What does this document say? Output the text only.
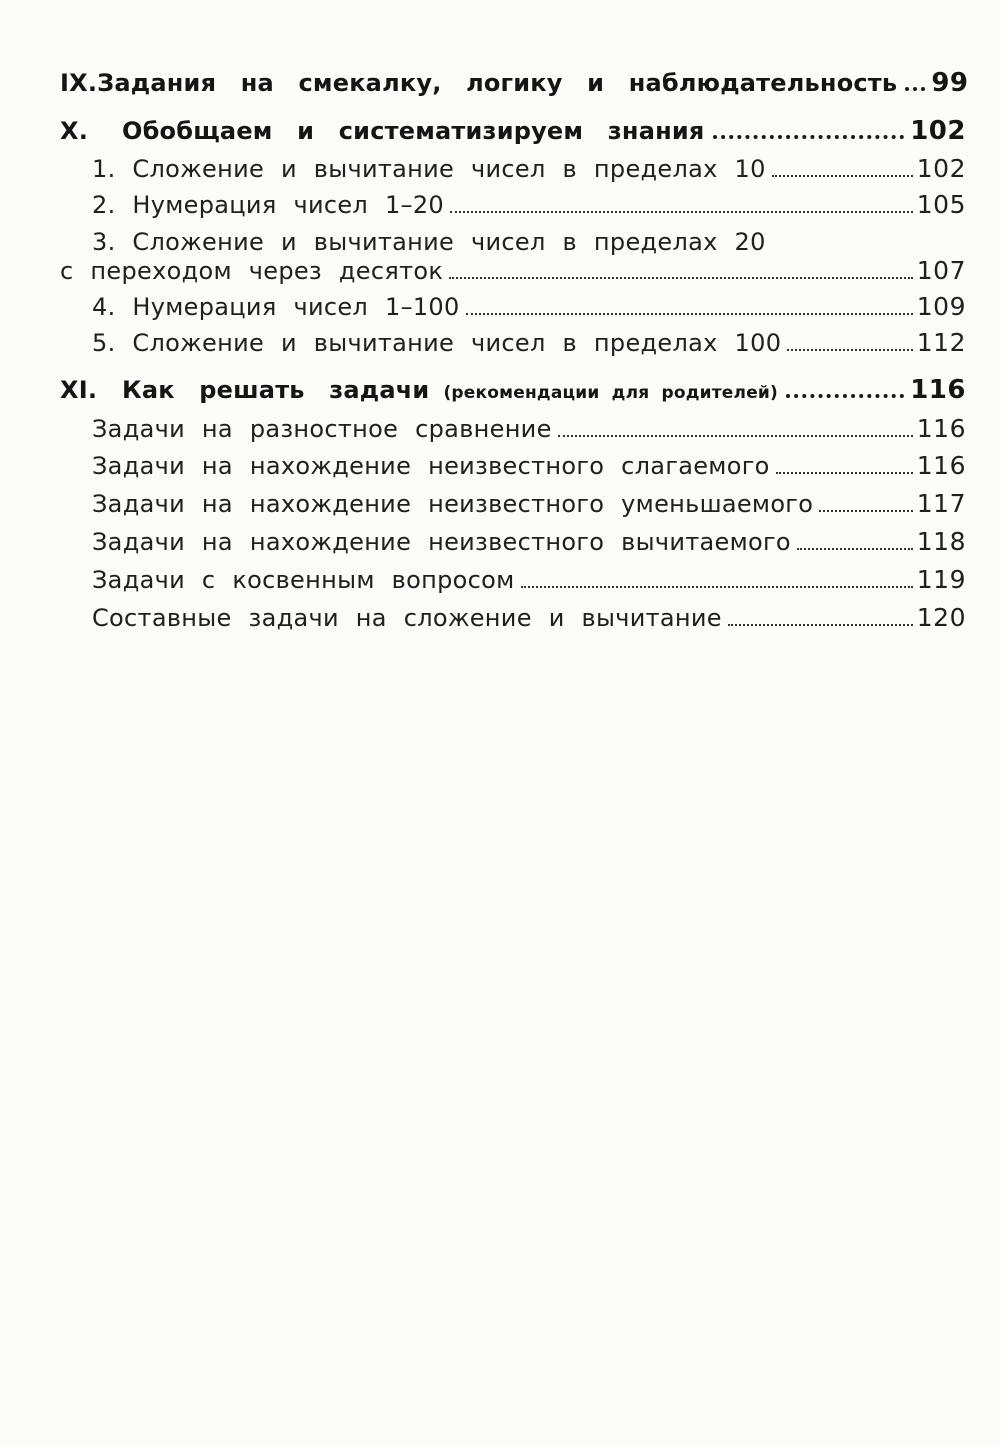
IX. Задания на смекалку, логику и наблюдательность 99
X.	Обобщаем и систематизируем знания	102
1. Сложение и вычитание чисел в пределах 10	102
2. Нумерация чисел 1–20	105
3. Сложение и вычитание чисел в пределах 20
с переходом через десяток	107
4. Нумерация чисел 1–100	109
5. Сложение и вычитание чисел в пределах 100	112
XI.	Как решать задачи (рекомендации для родителей)	116
Задачи на разностное сравнение	116
Задачи на нахождение неизвестного слагаемого	116
Задачи на нахождение неизвестного уменьшаемого	117
Задачи на нахождение неизвестного вычитаемого	118
Задачи с косвенным вопросом	119
Составные задачи на сложение и вычитание	120
